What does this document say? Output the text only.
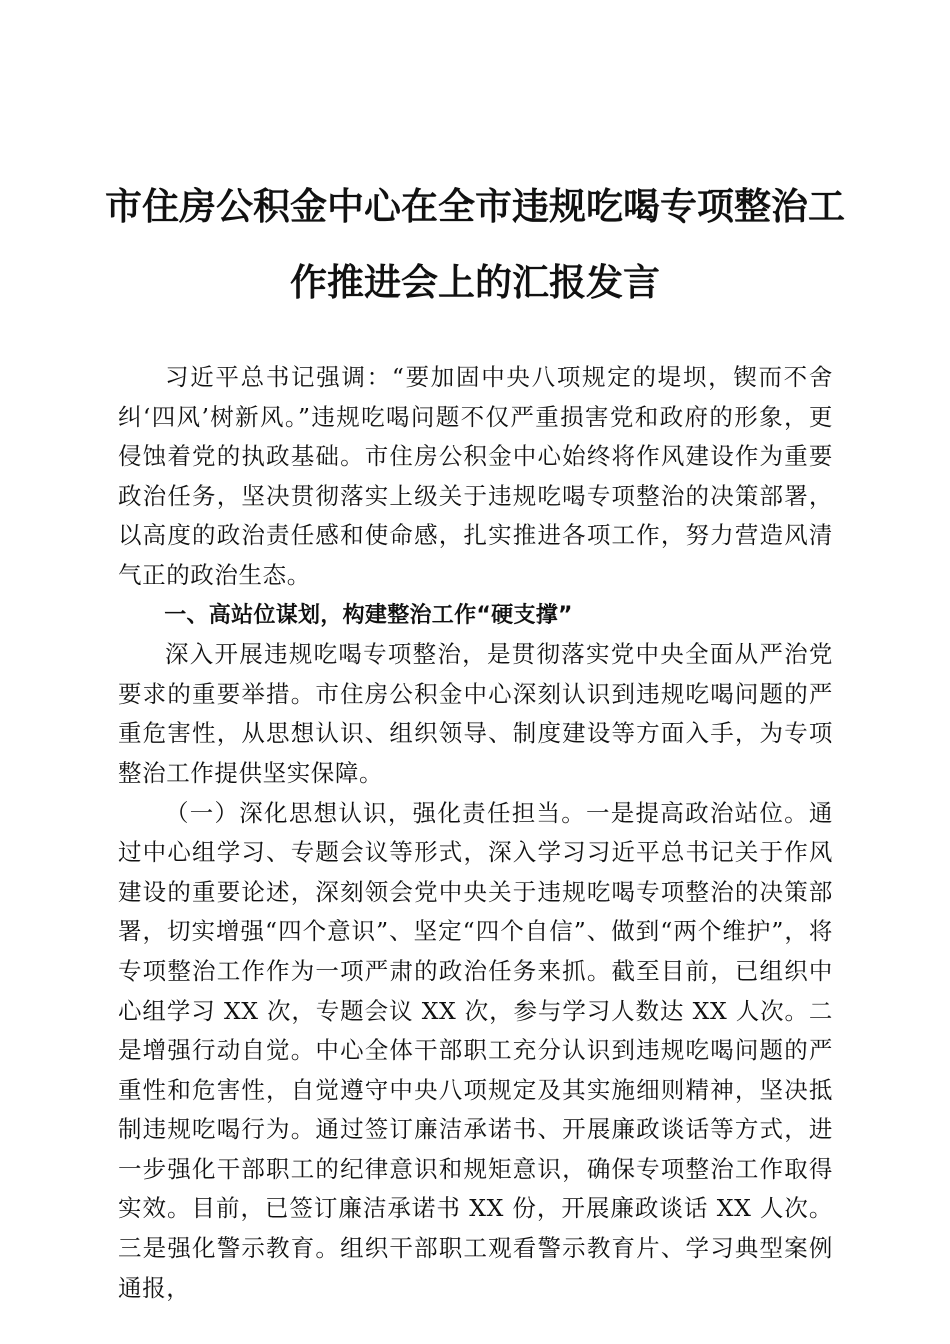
市住房公积金中心在全市违规吃喝专项整治工
作推进会上的汇报发言

习近平总书记强调：“要加固中央八项规定的堤坝，锲而不舍纠‘四风’树新风。”违规吃喝问题不仅严重损害党和政府的形象，更侵蚀着党的执政基础。市住房公积金中心始终将作风建设作为重要政治任务，坚决贯彻落实上级关于违规吃喝专项整治的决策部署，以高度的政治责任感和使命感，扎实推进各项工作，努力营造风清气正的政治生态。

一、高站位谋划，构建整治工作“硬支撑”

深入开展违规吃喝专项整治，是贯彻落实党中央全面从严治党要求的重要举措。市住房公积金中心深刻认识到违规吃喝问题的严重危害性，从思想认识、组织领导、制度建设等方面入手，为专项整治工作提供坚实保障。

（一）深化思想认识，强化责任担当。一是提高政治站位。通过中心组学习、专题会议等形式，深入学习习近平总书记关于作风建设的重要论述，深刻领会党中央关于违规吃喝专项整治的决策部署，切实增强“四个意识”、坚定“四个自信”、做到“两个维护”，将专项整治工作作为一项严肃的政治任务来抓。截至目前，已组织中心组学习 XX 次，专题会议 XX 次，参与学习人数达 XX 人次。二是增强行动自觉。中心全体干部职工充分认识到违规吃喝问题的严重性和危害性，自觉遵守中央八项规定及其实施细则精神，坚决抵制违规吃喝行为。通过签订廉洁承诺书、开展廉政谈话等方式，进一步强化干部职工的纪律意识和规矩意识，确保专项整治工作取得实效。目前，已签订廉洁承诺书 XX 份，开展廉政谈话 XX 人次。三是强化警示教育。组织干部职工观看警示教育片、学习典型案例通报，
